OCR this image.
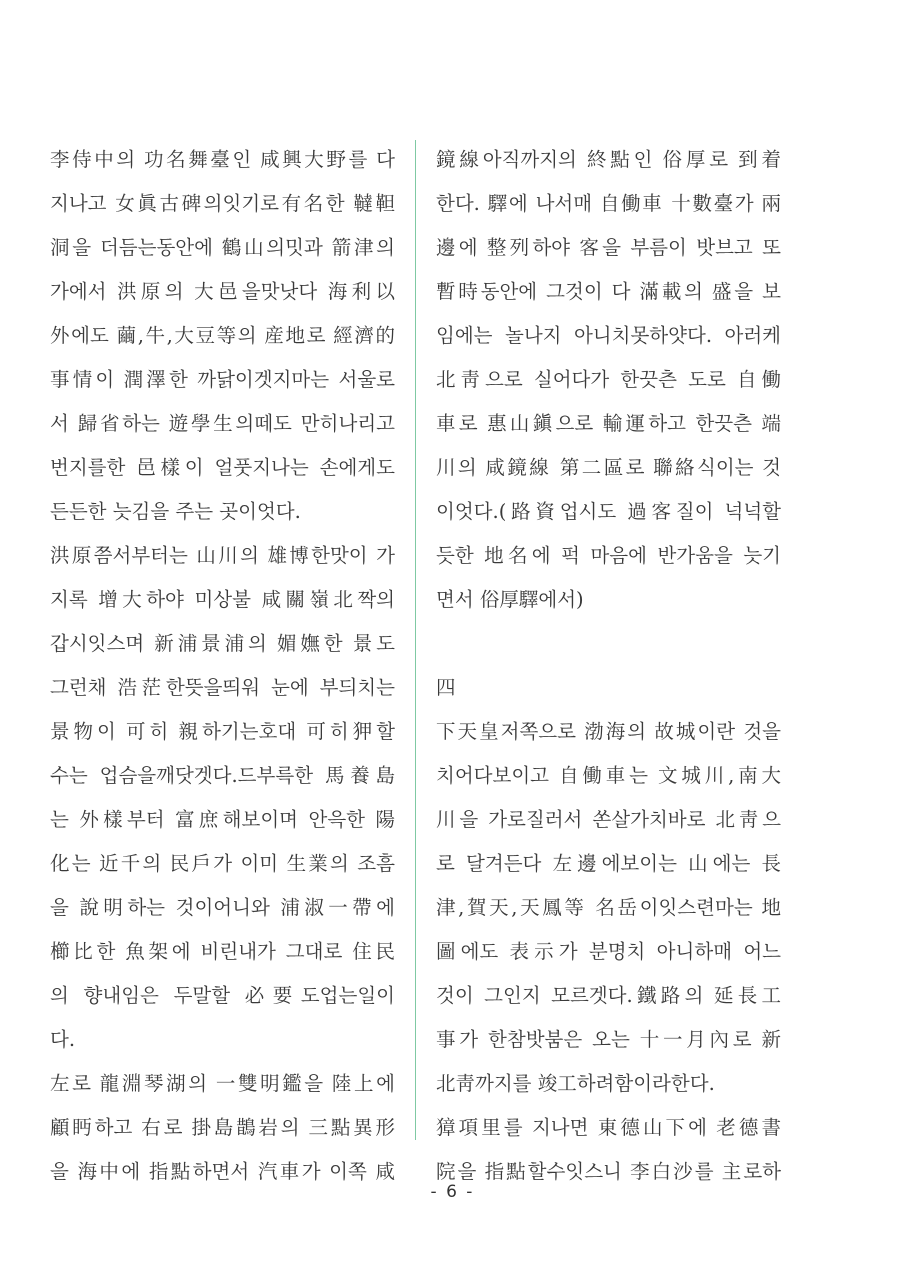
李侍中의 功名舞臺인 咸興大野를 다
지나고 女眞古碑의잇기로有名한 韃靼
洞을 더듬는동안에 鶴山의밋과 箭津의
가에서 洪原의 大邑을맛낫다 海利以
外에도 繭,牛,大豆等의 産地로 經濟的
事情이 潤澤한 까닭이겟지마는 서울로
서 歸省하는 遊學生의떼도 만히나리고
번지를한 邑樣이 얼풋지나는 손에게도
든든한 늣김을 주는 곳이엇다.
洪原쯤서부터는 山川의 雄博한맛이 가
지록 增大하야 미상불 咸關嶺北짝의
갑시잇스며 新浦景浦의 媚嫵한 景도
그런채 浩茫한뜻을띄워 눈에 부듸치는
景物이 可히 親하기는호대 可히狎할
수는 업슴을깨닷겟다.드부륵한 馬養島
는 外樣부터 富庶해보이며 안윽한 陽
化는 近千의 民戶가 이미 生業의 조흠
을 說明하는 것이어니와 浦淑一帶에
櫛比한 魚架에 비린내가 그대로 住民
의 향내임은 두말할 必要도업는일이
다.
左로 龍淵琴湖의 一雙明鑑을 陸上에
顧眄하고 右로 掛島鵲岩의 三點異形
을 海中에 指點하면서 汽車가 이쪽 咸
鏡線아직까지의 終點인 俗厚로 到着
한다. 驛에 나서매 自働車 十數臺가 兩
邊에 整列하야 客을 부름이 밧브고 또
暫時동안에 그것이 다 滿載의 盛을 보
임에는 놀나지 아니치못하얏다. 아러케
北靑으로 실어다가 한끗츤 도로 自働
車로 惠山鎭으로 輸運하고 한끗츤 端
川의 咸鏡線 第二區로 聯絡식이는 것
이엇다.(路資업시도 過客질이 넉넉할
듯한 地名에 퍽 마음에 반가움을 늣기
면서 俗厚驛에서)
四
下天皇저쪽으로 渤海의 故城이란 것을
치어다보이고 自働車는 文城川,南大
川을 가로질러서 쏜살가치바로 北靑으
로 달겨든다 左邊에보이는 山에는 長
津,賀天,天鳳等 名岳이잇스련마는 地
圖에도 表示가 분명치 아니하매 어느
것이 그인지 모르겟다.鐵路의 延長工
事가 한참밧붐은 오는 十一月內로 新
北靑까지를 竣工하려함이라한다.
獐項里를 지나면 東德山下에 老德書
院을 指點할수잇스니 李白沙를 主로하
- 6 -
